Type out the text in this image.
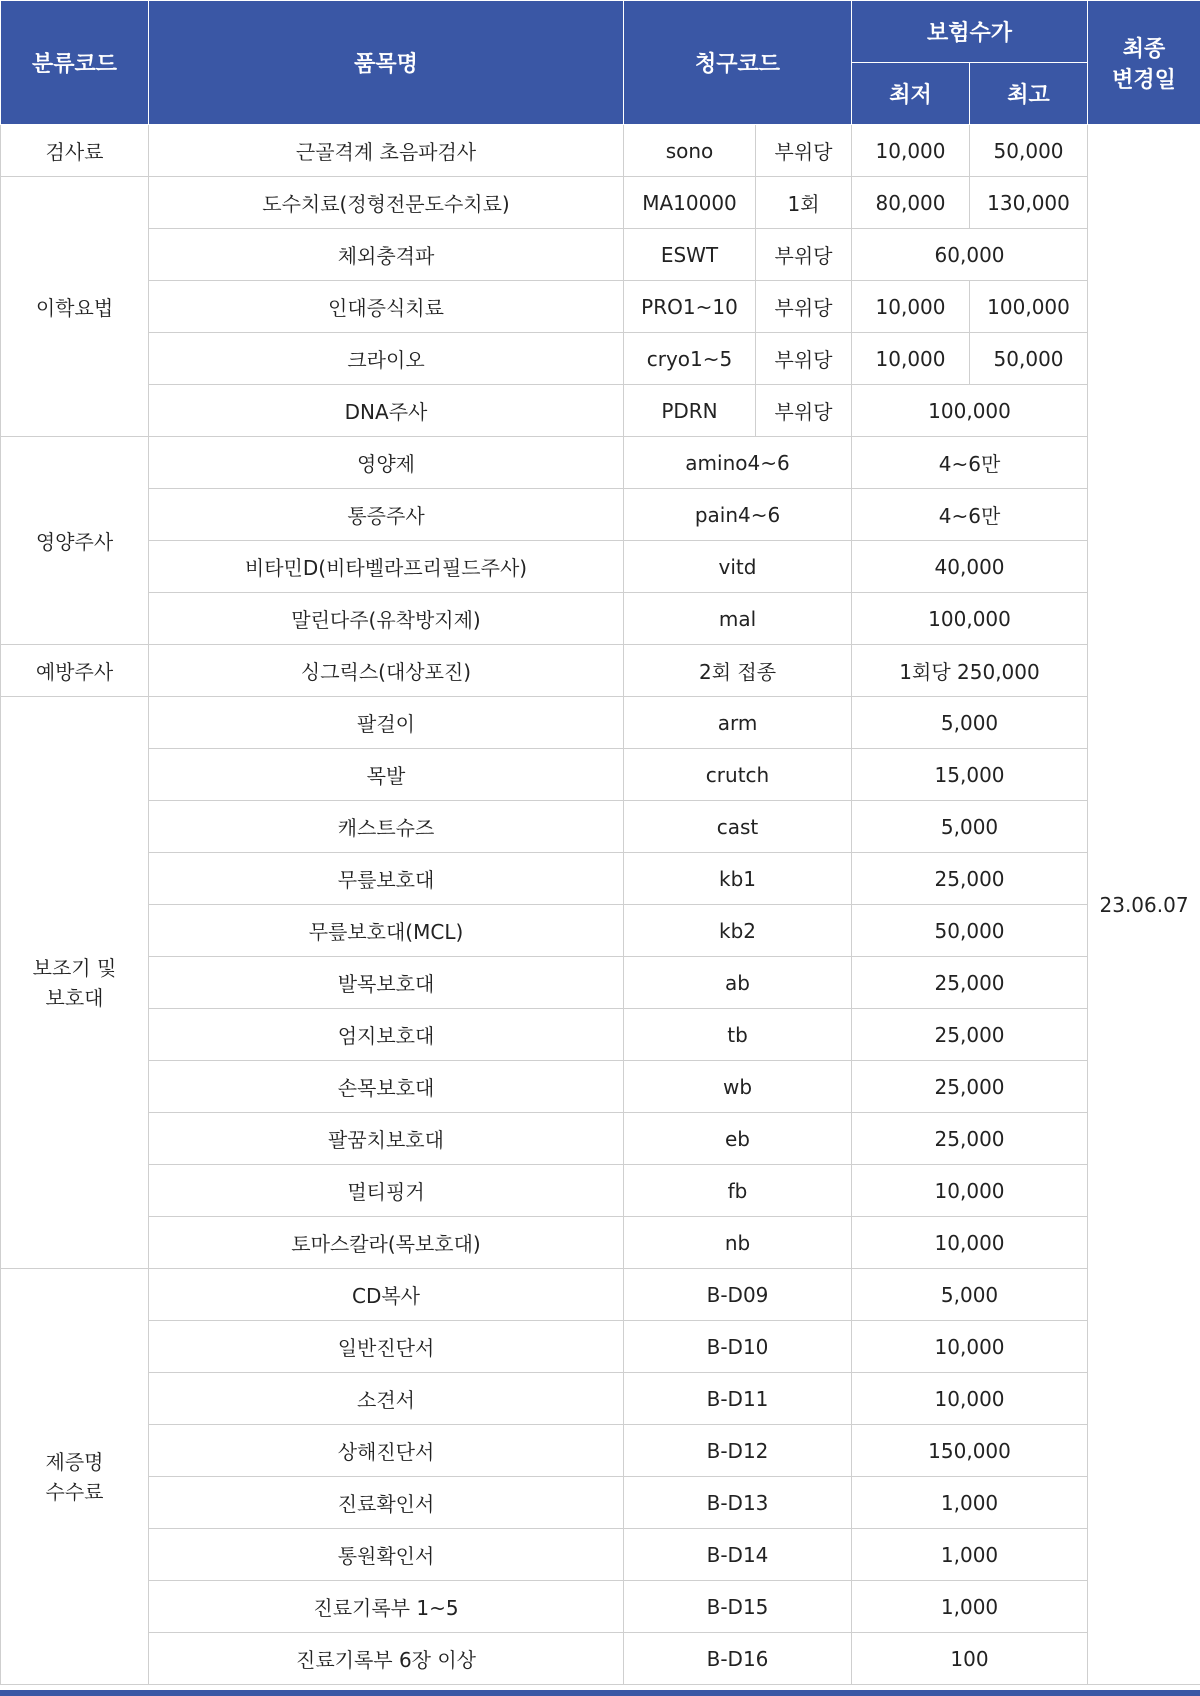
분류코드	품목명	청구코드		보험수가		최종
변경일
				최저	최고	
검사료	근골격계 초음파검사	sono	부위당	10,000	50,000	23.06.07
이학요법	도수치료(정형전문도수치료)	MA10000	1회	80,000	130,000	
	체외충격파	ESWT	부위당	60,000		
	인대증식치료	PRO1~10	부위당	10,000	100,000	
	크라이오	cryo1~5	부위당	10,000	50,000	
	DNA주사	PDRN	부위당	100,000		
영양주사	영양제	amino4~6		4~6만		
	통증주사	pain4~6		4~6만		
	비타민D(비타벨라프리필드주사)	vitd		40,000		
	말린다주(유착방지제)	mal		100,000		
예방주사	싱그릭스(대상포진)	2회 접종		1회당 250,000		
보조기 및
보호대	팔걸이	arm		5,000		
	목발	crutch		15,000		
	캐스트슈즈	cast		5,000		
	무릎보호대	kb1		25,000		
	무릎보호대(MCL)	kb2		50,000		
	발목보호대	ab		25,000		
	엄지보호대	tb		25,000		
	손목보호대	wb		25,000		
	팔꿈치보호대	eb		25,000		
	멀티핑거	fb		10,000		
	토마스칼라(목보호대)	nb		10,000		
제증명
수수료	CD복사	B-D09		5,000		
	일반진단서	B-D10		10,000		
	소견서	B-D11		10,000		
	상해진단서	B-D12		150,000		
	진료확인서	B-D13		1,000		
	통원확인서	B-D14		1,000		
	진료기록부 1~5	B-D15		1,000		
	진료기록부 6장 이상	B-D16		100		
